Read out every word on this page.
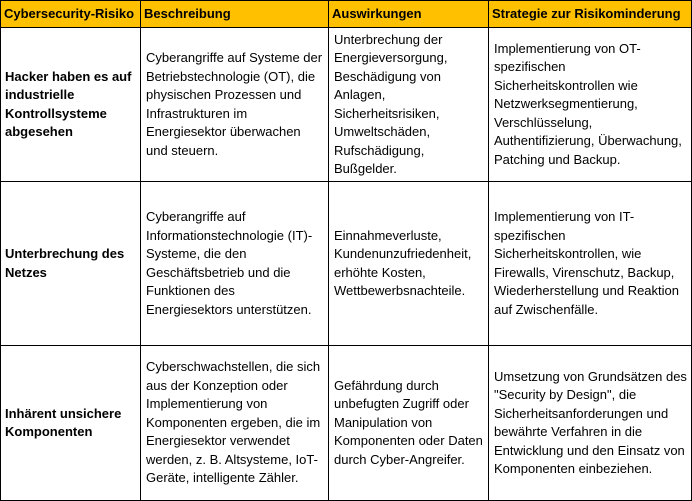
Cybersecurity-Risiko	Beschreibung	Auswirkungen	Strategie zur Risikominderung
Hacker haben es auf industrielle Kontrollsysteme abgesehen	Cyberangriffe auf Systeme der Betriebstechnologie (OT), die physischen Prozessen und Infrastrukturen im Energiesektor überwachen und steuern.	Unterbrechung der Energieversorgung, Beschädigung von Anlagen, Sicherheitsrisiken, Umweltschäden, Rufschädigung, Bußgelder.	Implementierung von OT-spezifischen Sicherheitskontrollen wie Netzwerksegmentierung, Verschlüsselung, Authentifizierung, Überwachung, Patching und Backup.
Unterbrechung des Netzes	Cyberangriffe auf Informationstechnologie (IT)-Systeme, die den Geschäftsbetrieb und die Funktionen des Energiesektors unterstützen.	Einnahmeverluste, Kundenunzufriedenheit, erhöhte Kosten, Wettbewerbsnachteile.	Implementierung von IT-spezifischen Sicherheitskontrollen, wie Firewalls, Virenschutz, Backup, Wiederherstellung und Reaktion auf Zwischenfälle.
Inhärent unsichere Komponenten	Cyberschwachstellen, die sich aus der Konzeption oder Implementierung von Komponenten ergeben, die im Energiesektor verwendet werden, z. B. Altsysteme, IoT-Geräte, intelligente Zähler.	Gefährdung durch unbefugten Zugriff oder Manipulation von Komponenten oder Daten durch Cyber-Angreifer.	Umsetzung von Grundsätzen des "Security by Design", die Sicherheitsanforderungen und bewährte Verfahren in die Entwicklung und den Einsatz von Komponenten einbeziehen.
